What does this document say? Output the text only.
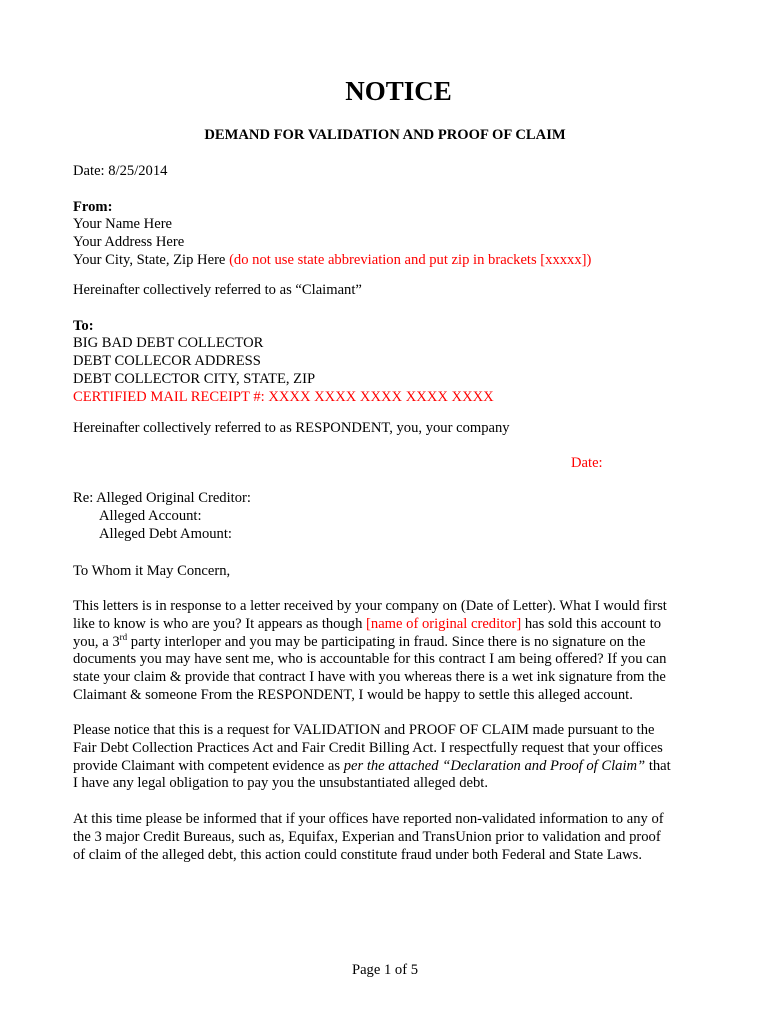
NOTICE
DEMAND FOR VALIDATION AND PROOF OF CLAIM
Date: 8/25/2014
From:
Your Name Here
Your Address Here
Your City, State, Zip Here (do not use state abbreviation and put zip in brackets [xxxxx])
Hereinafter collectively referred to as “Claimant”
To:
BIG BAD DEBT COLLECTOR
DEBT COLLECOR ADDRESS
DEBT COLLECTOR CITY, STATE, ZIP
CERTIFIED MAIL RECEIPT #: XXXX XXXX XXXX XXXX XXXX
Hereinafter collectively referred to as RESPONDENT, you, your company
Date:
Re: Alleged Original Creditor:
Alleged Account:
Alleged Debt Amount:
To Whom it May Concern,
This letters is in response to a letter received by your company on (Date of Letter). What I would first
like to know is who are you? It appears as though [name of original creditor] has sold this account to
you, a 3rd party interloper and you may be participating in fraud. Since there is no signature on the
documents you may have sent me, who is accountable for this contract I am being offered? If you can
state your claim & provide that contract I have with you whereas there is a wet ink signature from the
Claimant & someone From the RESPONDENT, I would be happy to settle this alleged account.
Please notice that this is a request for VALIDATION and PROOF OF CLAIM made pursuant to the
Fair Debt Collection Practices Act and Fair Credit Billing Act. I respectfully request that your offices
provide Claimant with competent evidence as per the attached “Declaration and Proof of Claim” that
I have any legal obligation to pay you the unsubstantiated alleged debt.
At this time please be informed that if your offices have reported non-validated information to any of
the 3 major Credit Bureaus, such as, Equifax, Experian and TransUnion prior to validation and proof
of claim of the alleged debt, this action could constitute fraud under both Federal and State Laws.
Page 1 of 5
